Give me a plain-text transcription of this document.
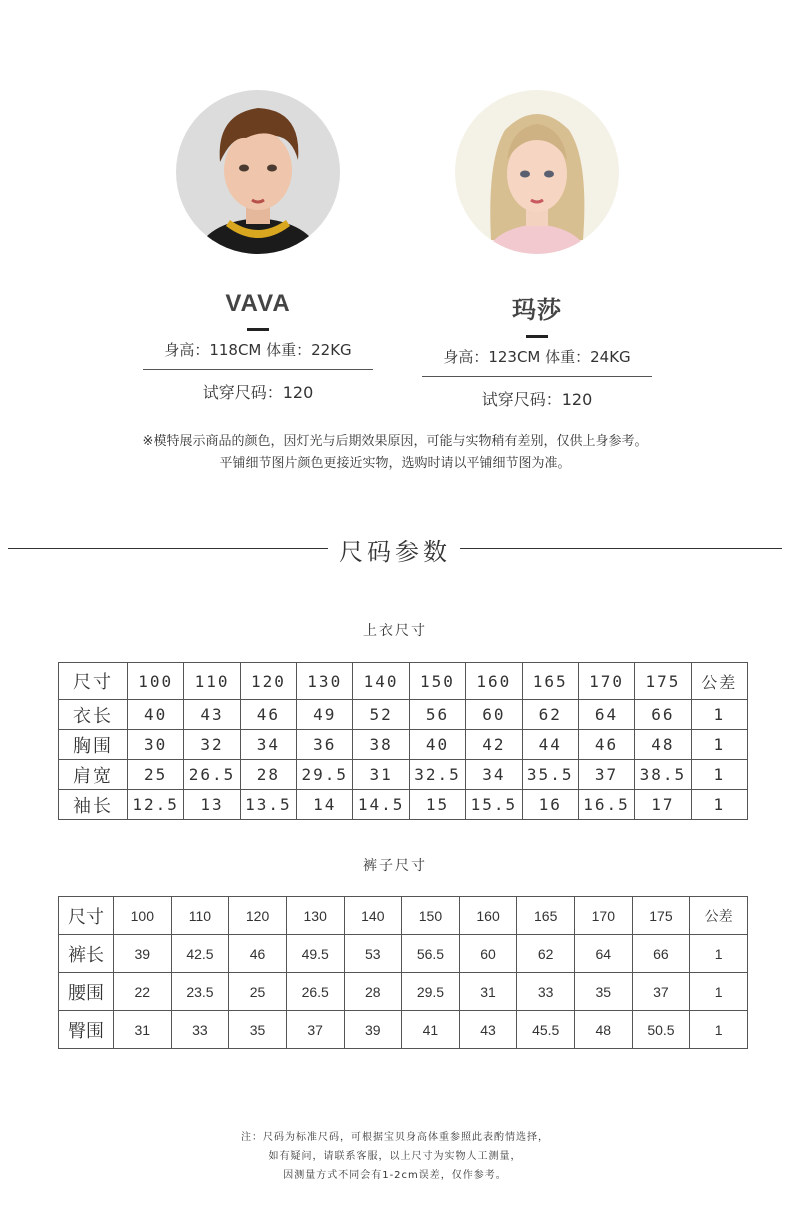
VAVA
身高：118CM 体重：22KG
试穿尺码：120
玛莎
身高：123CM 体重：24KG
试穿尺码：120
※模特展示商品的颜色，因灯光与后期效果原因，可能与实物稍有差别，仅供上身参考。
平铺细节图片颜色更接近实物，选购时请以平铺细节图为准。
尺码参数
上衣尺寸
尺寸	100	110	120	130	140	150	160	165	170	175	公差
衣长	40	43	46	49	52	56	60	62	64	66	1
胸围	30	32	34	36	38	40	42	44	46	48	1
肩宽	25	26.5	28	29.5	31	32.5	34	35.5	37	38.5	1
袖长	12.5	13	13.5	14	14.5	15	15.5	16	16.5	17	1
裤子尺寸
尺寸	100	110	120	130	140	150	160	165	170	175	公差
裤长	39	42.5	46	49.5	53	56.5	60	62	64	66	1
腰围	22	23.5	25	26.5	28	29.5	31	33	35	37	1
臀围	31	33	35	37	39	41	43	45.5	48	50.5	1
注：尺码为标准尺码，可根据宝贝身高体重参照此表酌情选择，
如有疑问，请联系客服，以上尺寸为实物人工测量，
因测量方式不同会有1-2cm误差，仅作参考。
